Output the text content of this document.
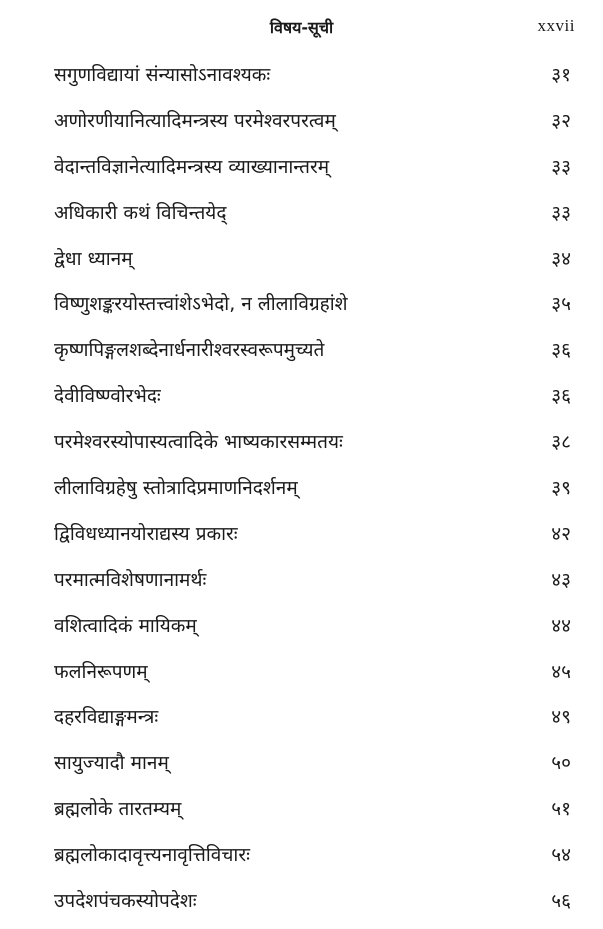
विषय-सूची	xxvii
सगुणविद्यायां संन्यासोऽनावश्यकः	३१
अणोरणीयानित्यादिमन्त्रस्य परमेश्वरपरत्वम्	३२
वेदान्तविज्ञानेत्यादिमन्त्रस्य व्याख्यानान्तरम्	३३
अधिकारी कथं विचिन्तयेद्	३३
द्वेधा ध्यानम्	३४
विष्णुशङ्करयोस्तत्त्वांशेऽभेदो, न लीलाविग्रहांशे	३५
कृष्णपिङ्गलशब्देनार्धनारीश्वरस्वरूपमुच्यते	३६
देवीविष्ण्वोरभेदः	३६
परमेश्वरस्योपास्यत्वादिके भाष्यकारसम्मतयः	३८
लीलाविग्रहेषु स्तोत्रादिप्रमाणनिदर्शनम्	३९
द्विविधध्यानयोराद्यस्य प्रकारः	४२
परमात्मविशेषणानामर्थः	४३
वशित्वादिकं मायिकम्	४४
फलनिरूपणम्	४५
दहरविद्याङ्गमन्त्रः	४९
सायुज्यादौ मानम्	५०
ब्रह्मलोके तारतम्यम्	५१
ब्रह्मलोकादावृत्त्यनावृत्तिविचारः	५४
उपदेशपंचकस्योपदेशः	५६
